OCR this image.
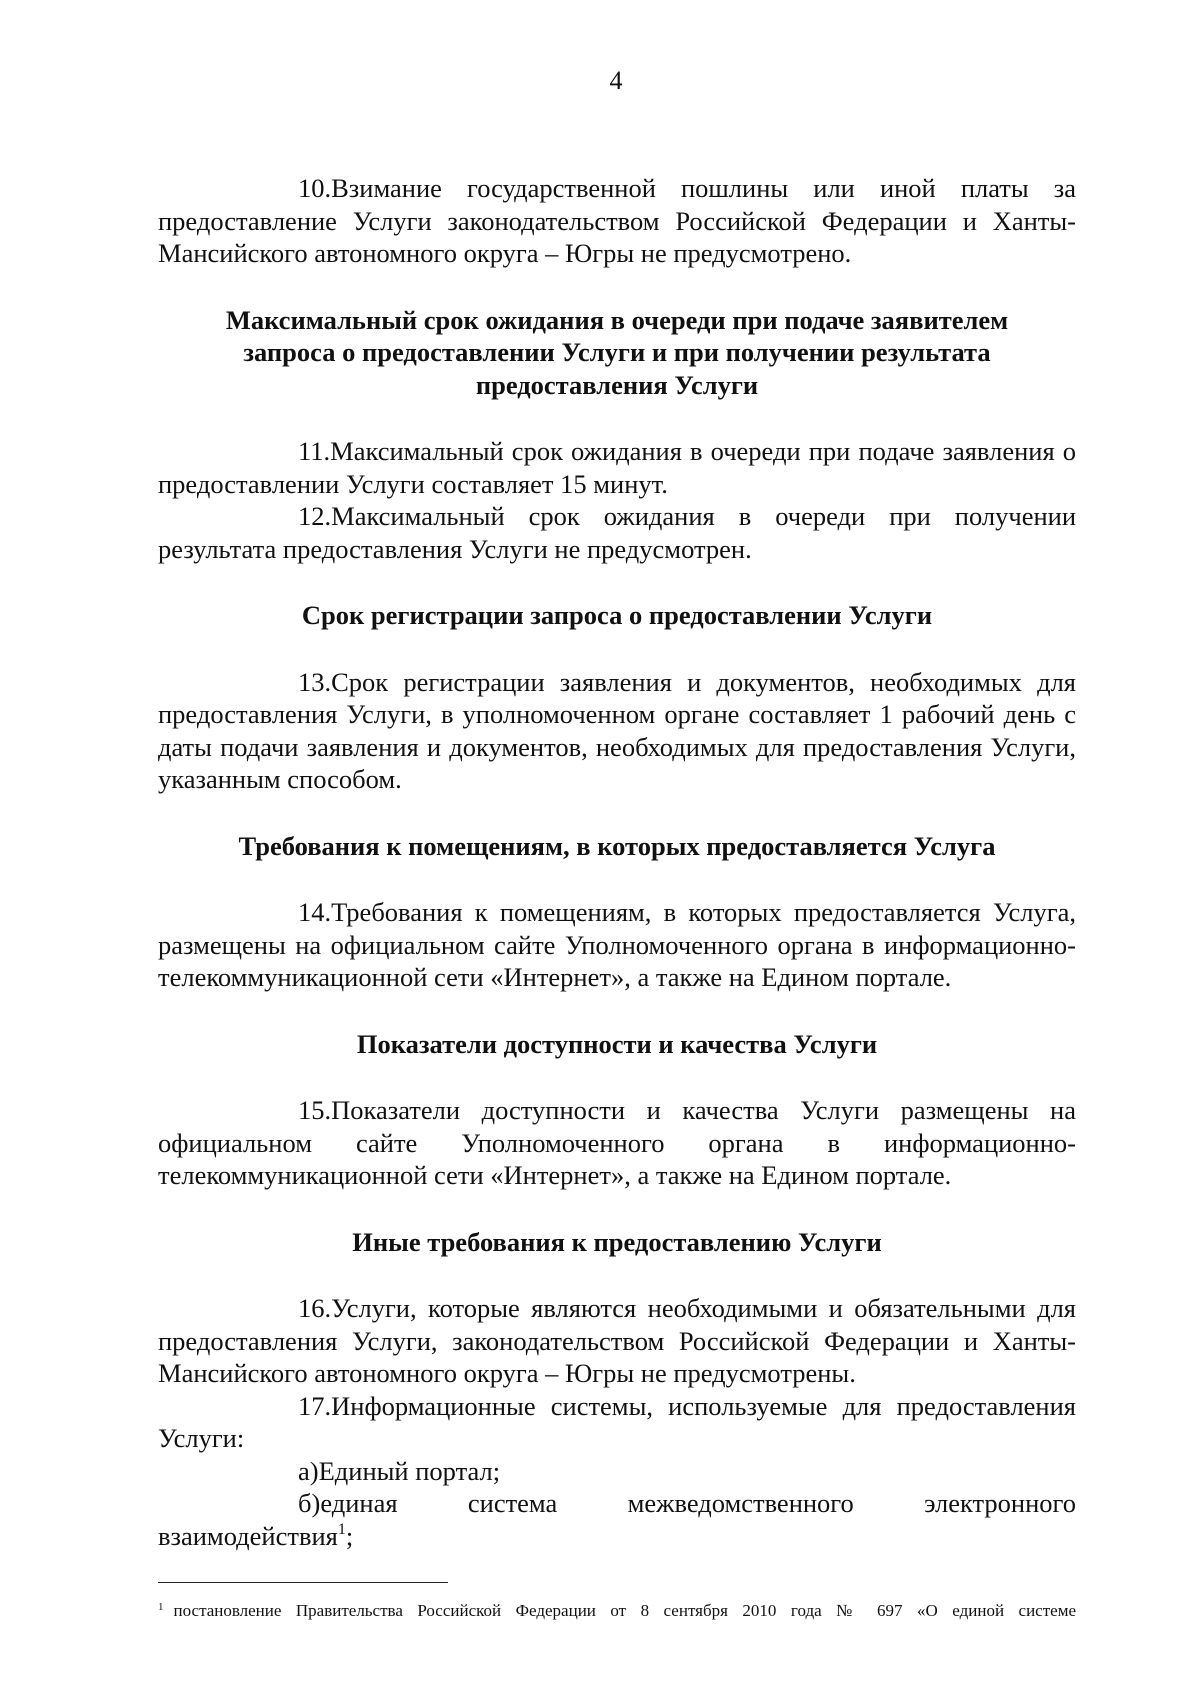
4

10.Взимание государственной пошлины или иной платы за предоставление Услуги законодательством Российской Федерации и Ханты-Мансийского автономного округа – Югры не предусмотрено.

Максимальный срок ожидания в очереди при подаче заявителем запроса о предоставлении Услуги и при получении результата предоставления Услуги

11.Максимальный срок ожидания в очереди при подаче заявления о предоставлении Услуги составляет 15 минут.

12.Максимальный срок ожидания в очереди при получении результата предоставления Услуги не предусмотрен.

Срок регистрации запроса о предоставлении Услуги

13.Срок регистрации заявления и документов, необходимых для предоставления Услуги, в уполномоченном органе составляет 1 рабочий день с даты подачи заявления и документов, необходимых для предоставления Услуги, указанным способом.

Требования к помещениям, в которых предоставляется Услуга

14.Требования к помещениям, в которых предоставляется Услуга, размещены на официальном сайте Уполномоченного органа в информационно-телекоммуникационной сети «Интернет», а также на Едином портале.

Показатели доступности и качества Услуги

15.Показатели доступности и качества Услуги размещены на официальном сайте Уполномоченного органа в информационно-телекоммуникационной сети «Интернет», а также на Едином портале.

Иные требования к предоставлению Услуги

16.Услуги, которые являются необходимыми и обязательными для предоставления Услуги, законодательством Российской Федерации и Ханты-Мансийского автономного округа – Югры не предусмотрены.

17.Информационные системы, используемые для предоставления Услуги:

а)Единый портал;

б)единая система межведомственного электронного взаимодействия$^1$;

$^1$ постановление Правительства Российской Федерации от 8 сентября 2010 года № 697 «О единой системе
